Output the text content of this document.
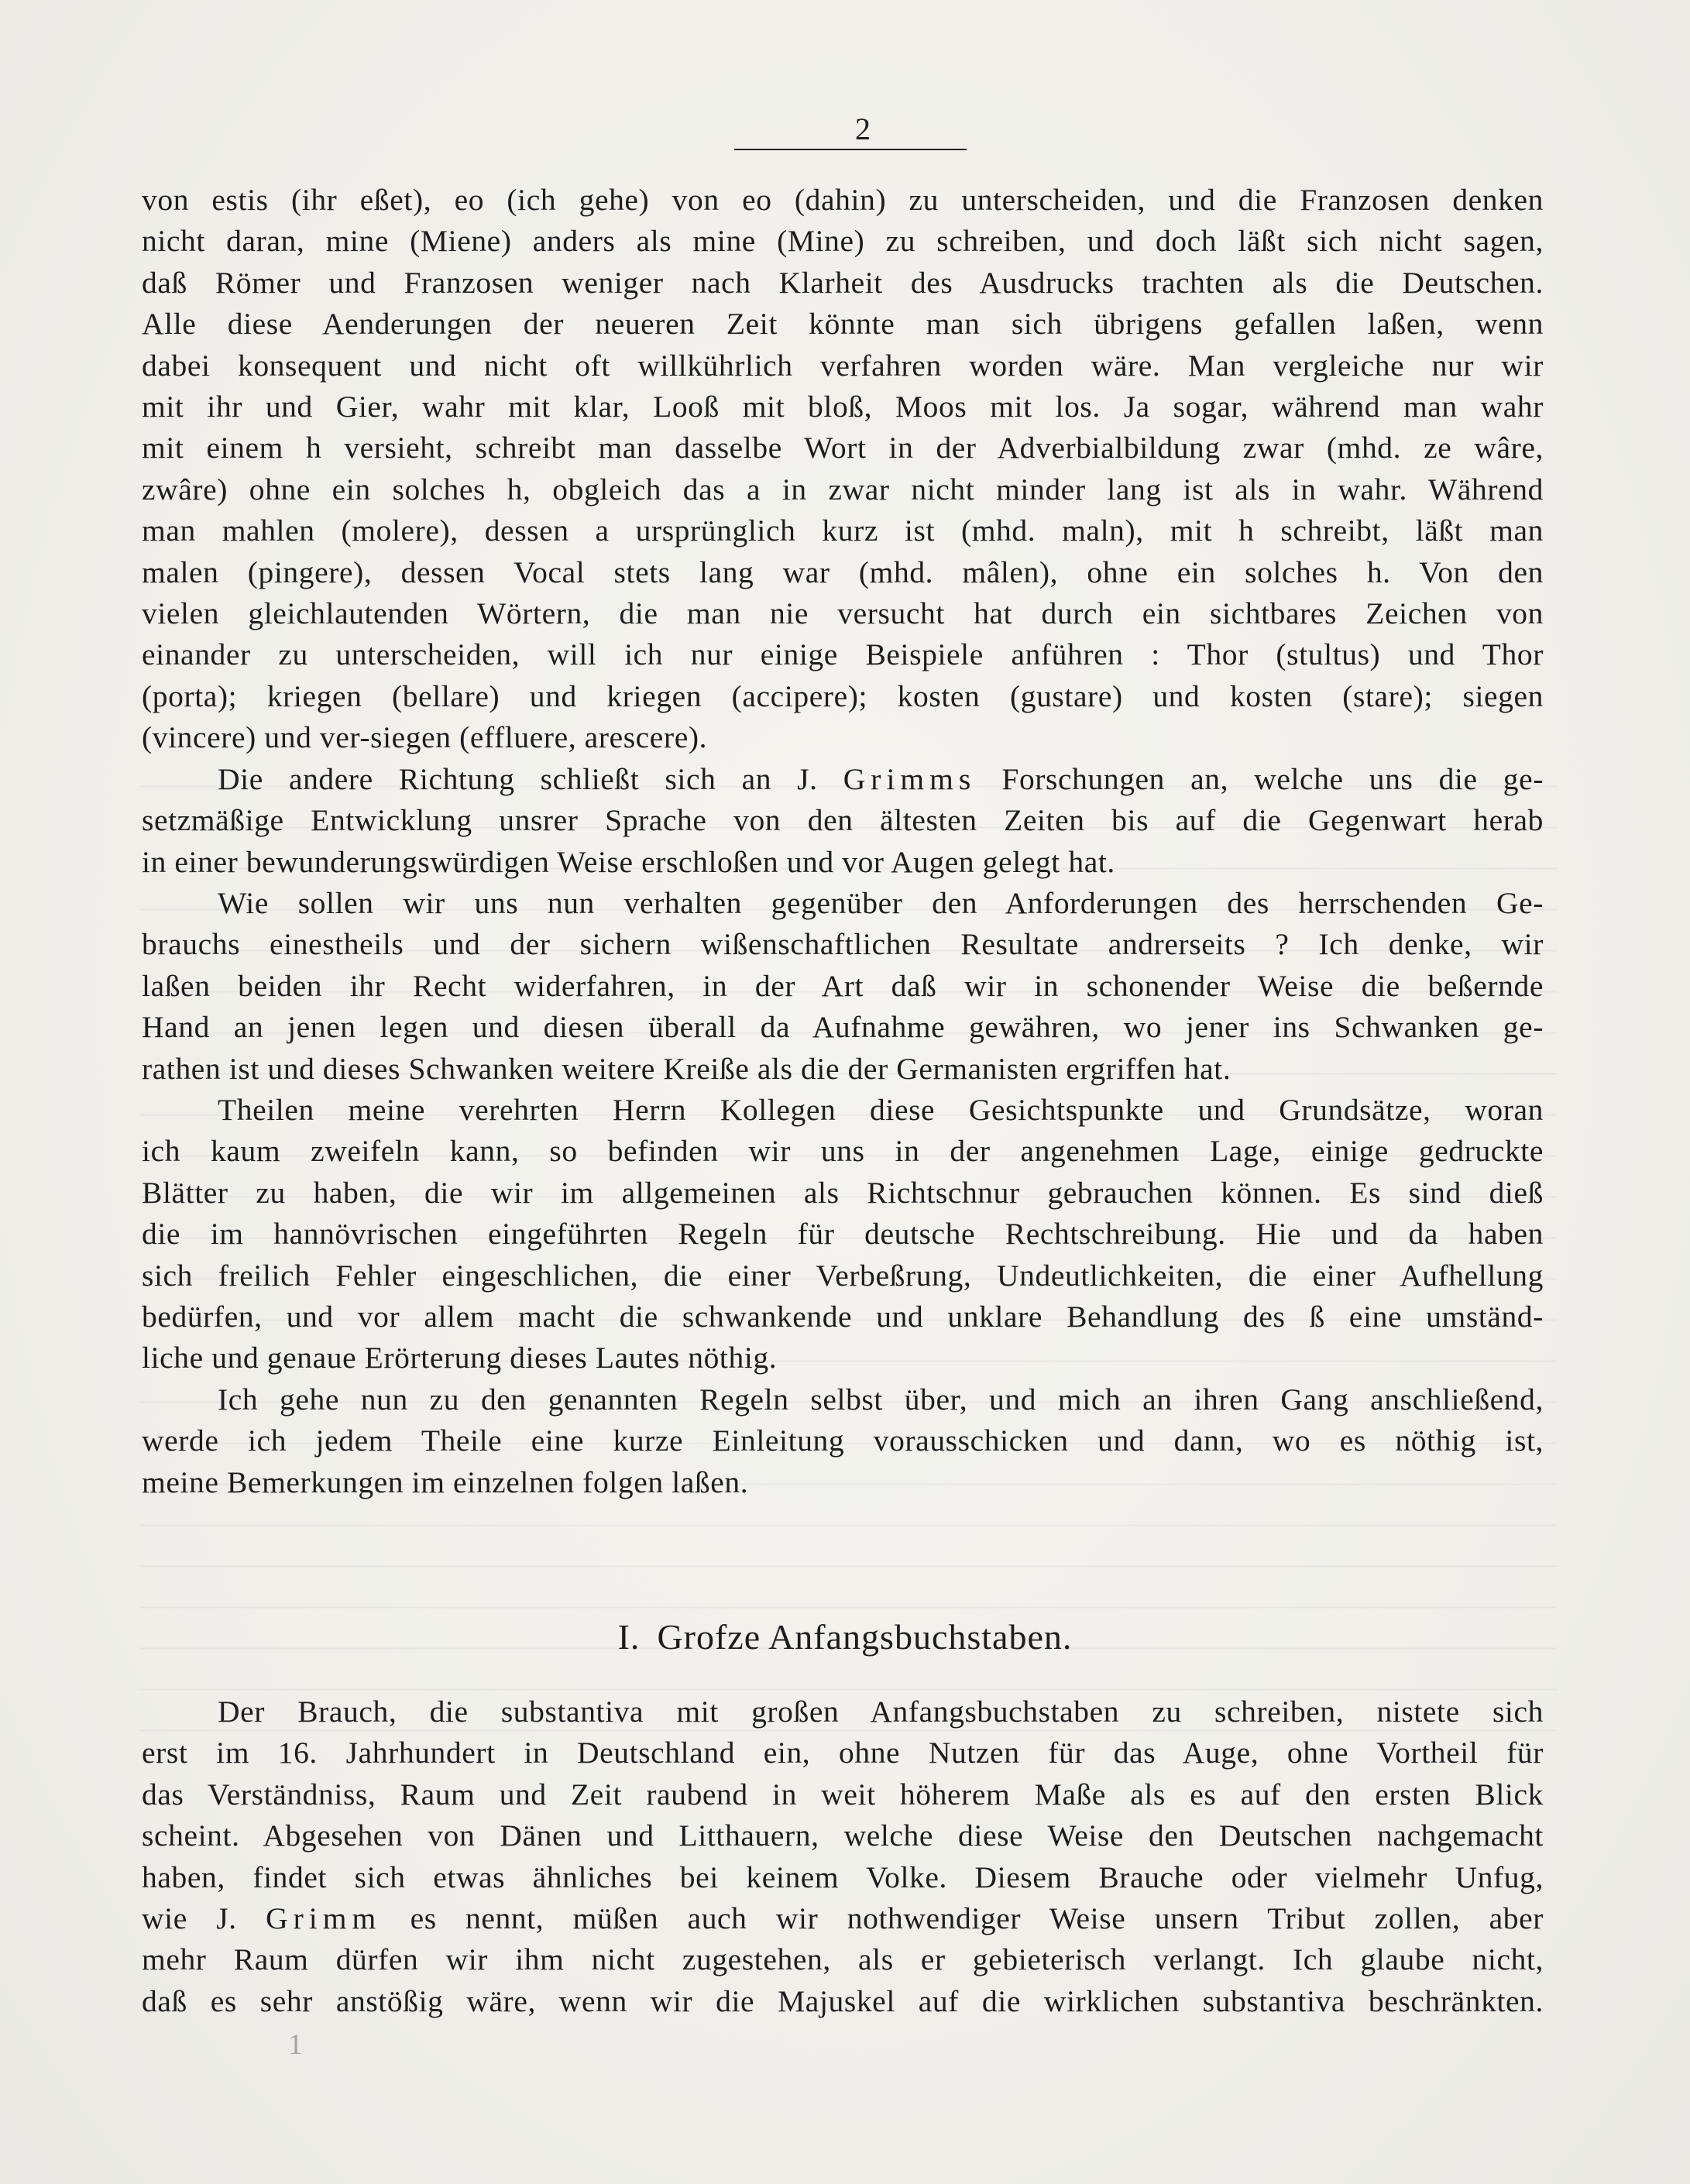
2

von estis (ihr eßet), eo (ich gehe) von eo (dahin) zu unterscheiden, und die Franzosen denken
nicht daran, mine (Miene) anders als mine (Mine) zu schreiben, und doch läßt sich nicht sagen,
daß Römer und Franzosen weniger nach Klarheit des Ausdrucks trachten als die Deutschen.
Alle diese Aenderungen der neueren Zeit könnte man sich übrigens gefallen laßen, wenn
dabei konsequent und nicht oft willkührlich verfahren worden wäre. Man vergleiche nur wir
mit ihr und Gier, wahr mit klar, Looß mit bloß, Moos mit los. Ja sogar, während man wahr
mit einem h versieht, schreibt man dasselbe Wort in der Adverbialbildung zwar (mhd. ze wâre,
zwâre) ohne ein solches h, obgleich das a in zwar nicht minder lang ist als in wahr. Während
man mahlen (molere), dessen a ursprünglich kurz ist (mhd. maln), mit h schreibt, läßt man
malen (pingere), dessen Vocal stets lang war (mhd. mâlen), ohne ein solches h. Von den
vielen gleichlautenden Wörtern, die man nie versucht hat durch ein sichtbares Zeichen von
einander zu unterscheiden, will ich nur einige Beispiele anführen : Thor (stultus) und Thor
(porta); kriegen (bellare) und kriegen (accipere); kosten (gustare) und kosten (stare); siegen
(vincere) und ver-siegen (effluere, arescere).

Die andere Richtung schließt sich an J. Grimms Forschungen an, welche uns die ge-
setzmäßige Entwicklung unsrer Sprache von den ältesten Zeiten bis auf die Gegenwart herab
in einer bewunderungswürdigen Weise erschloßen und vor Augen gelegt hat.

Wie sollen wir uns nun verhalten gegenüber den Anforderungen des herrschenden Ge-
brauchs einestheils und der sichern wißenschaftlichen Resultate andrerseits ? Ich denke, wir
laßen beiden ihr Recht widerfahren, in der Art daß wir in schonender Weise die beßernde
Hand an jenen legen und diesen überall da Aufnahme gewähren, wo jener ins Schwanken ge-
rathen ist und dieses Schwanken weitere Kreiße als die der Germanisten ergriffen hat.

Theilen meine verehrten Herrn Kollegen diese Gesichtspunkte und Grundsätze, woran
ich kaum zweifeln kann, so befinden wir uns in der angenehmen Lage, einige gedruckte
Blätter zu haben, die wir im allgemeinen als Richtschnur gebrauchen können. Es sind dieß
die im hannövrischen eingeführten Regeln für deutsche Rechtschreibung. Hie und da haben
sich freilich Fehler eingeschlichen, die einer Verbeßrung, Undeutlichkeiten, die einer Aufhellung
bedürfen, und vor allem macht die schwankende und unklare Behandlung des ß eine umständ-
liche und genaue Erörterung dieses Lautes nöthig.

Ich gehe nun zu den genannten Regeln selbst über, und mich an ihren Gang anschließend,
werde ich jedem Theile eine kurze Einleitung vorausschicken und dann, wo es nöthig ist,
meine Bemerkungen im einzelnen folgen laßen.

I. Grofze Anfangsbuchstaben.

Der Brauch, die substantiva mit großen Anfangsbuchstaben zu schreiben, nistete sich
erst im 16. Jahrhundert in Deutschland ein, ohne Nutzen für das Auge, ohne Vortheil für
das Verständniss, Raum und Zeit raubend in weit höherem Maße als es auf den ersten Blick
scheint. Abgesehen von Dänen und Litthauern, welche diese Weise den Deutschen nachgemacht
haben, findet sich etwas ähnliches bei keinem Volke. Diesem Brauche oder vielmehr Unfug,
wie J. Grimm es nennt, müßen auch wir nothwendiger Weise unsern Tribut zollen, aber
mehr Raum dürfen wir ihm nicht zugestehen, als er gebieterisch verlangt. Ich glaube nicht,
daß es sehr anstößig wäre, wenn wir die Majuskel auf die wirklichen substantiva beschränkten.

1
